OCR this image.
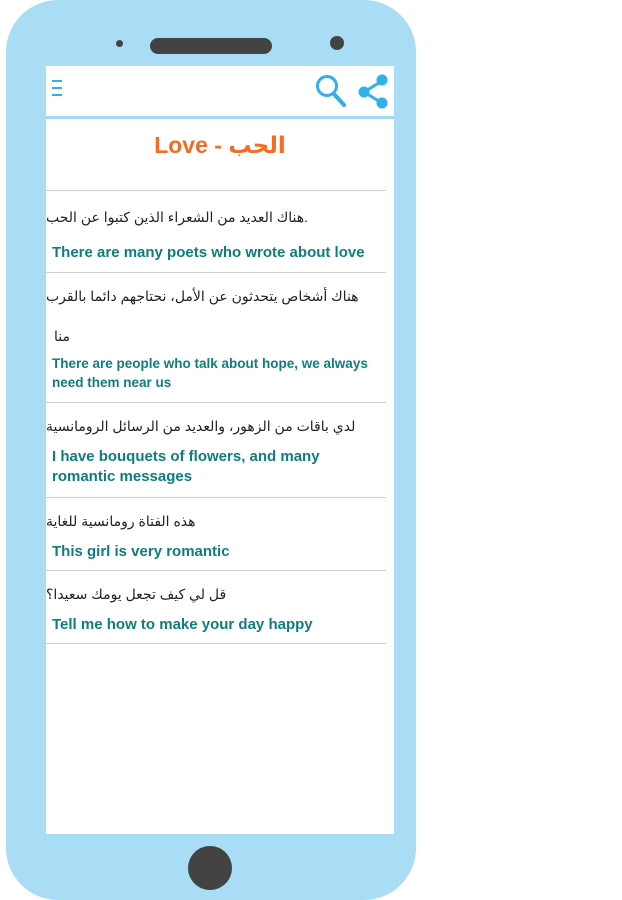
Love - الحب
هناك العديد من الشعراء الذين كتبوا عن الحب.
There are many poets who wrote about love
هناك أشخاص يتحدثون عن الأمل، نحتاجهم دائما بالقرب
منا
There are people who talk about hope, we always need them near us
لدي باقات من الزهور، والعديد من الرسائل الرومانسية
I have bouquets of flowers, and many romantic messages
هذه الفتاة رومانسية للغاية
This girl is very romantic
قل لي كيف تجعل يومك سعيدا؟
Tell me how to make your day happy
